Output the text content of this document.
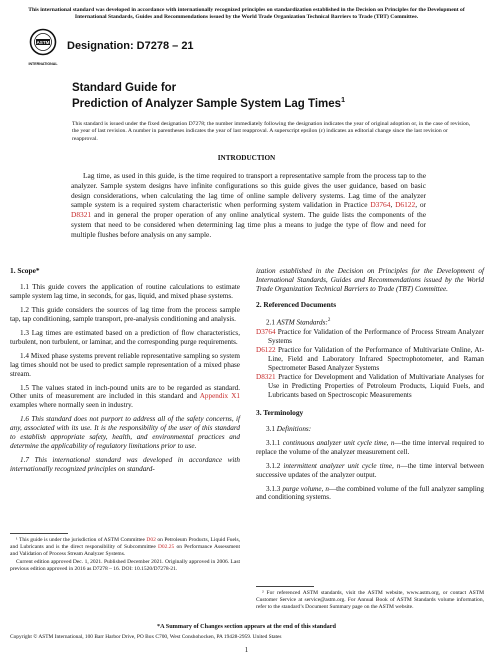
This international standard was developed in accordance with internationally recognized principles on standardization established in the Decision on Principles for the Development of International Standards, Guides and Recommendations issued by the World Trade Organization Technical Barriers to Trade (TBT) Committee.
ASTM
INTERNATIONAL
Designation: D7278 – 21
Standard Guide for
Prediction of Analyzer Sample System Lag Times$^1$
This standard is issued under the fixed designation D7278; the number immediately following the designation indicates the year of original adoption or, in the case of revision, the year of last revision. A number in parentheses indicates the year of last reapproval. A superscript epsilon (ε) indicates an editorial change since the last revision or reapproval.
INTRODUCTION
Lag time, as used in this guide, is the time required to transport a representative sample from the process tap to the analyzer. Sample system designs have infinite configurations so this guide gives the user guidance, based on basic design considerations, when calculating the lag time of online sample delivery systems. Lag time of the analyzer sample system is a required system characteristic when performing system validation in Practice D3764, D6122, or D8321 and in general the proper operation of any online analytical system. The guide lists the components of the system that need to be considered when determining lag time plus a means to judge the type of flow and need for multiple flushes before analysis on any sample.
1. Scope*

1.1 This guide covers the application of routine calculations to estimate sample system lag time, in seconds, for gas, liquid, and mixed phase systems.

1.2 This guide considers the sources of lag time from the process sample tap, tap conditioning, sample transport, pre-analysis conditioning and analysis.

1.3 Lag times are estimated based on a prediction of flow characteristics, turbulent, non turbulent, or laminar, and the corresponding purge requirements.

1.4 Mixed phase systems prevent reliable representative sampling so system lag times should not be used to predict sample representation of a mixed phase stream.

1.5 The values stated in inch-pound units are to be regarded as standard. Other units of measurement are included in this standard and Appendix X1 examples where normally seen in industry.

1.6 This standard does not purport to address all of the safety concerns, if any, associated with its use. It is the responsibility of the user of this standard to establish appropriate safety, health, and environmental practices and determine the applicability of regulatory limitations prior to use.

1.7 This international standard was developed in accordance with internationally recognized principles on standard-

ization established in the Decision on Principles for the Development of International Standards, Guides and Recommendations issued by the World Trade Organization Technical Barriers to Trade (TBT) Committee.

2. Referenced Documents

2.1 ASTM Standards:$^2$

D3764 Practice for Validation of the Performance of Process Stream Analyzer Systems

D6122 Practice for Validation of the Performance of Multivariate Online, At-Line, Field and Laboratory Infrared Spectrophotometer, and Raman Spectrometer Based Analyzer Systems

D8321 Practice for Development and Validation of Multivariate Analyses for Use in Predicting Properties of Petroleum Products, Liquid Fuels, and Lubricants based on Spectroscopic Measurements

3. Terminology

3.1 Definitions:

3.1.1 continuous analyzer unit cycle time, n—the time interval required to replace the volume of the analyzer measurement cell.

3.1.2 intermittent analyzer unit cycle time, n—the time interval between successive updates of the analyzer output.

3.1.3 purge volume, n—the combined volume of the full analyzer sampling and conditioning systems.

¹ This guide is under the jurisdiction of ASTM Committee D02 on Petroleum Products, Liquid Fuels, and Lubricants and is the direct responsibility of Subcommittee D02.25 on Performance Assessment and Validation of Process Stream Analyzer Systems.

Current edition approved Dec. 1, 2021. Published December 2021. Originally approved in 2006. Last previous edition approved in 2016 as D7278 – 16. DOI: 10.1520/D7278-21.

² For referenced ASTM standards, visit the ASTM website, www.astm.org, or contact ASTM Customer Service at service@astm.org. For Annual Book of ASTM Standards volume information, refer to the standard’s Document Summary page on the ASTM website.

*A Summary of Changes section appears at the end of this standard
Copyright © ASTM International, 100 Barr Harbor Drive, PO Box C700, West Conshohocken, PA 19428-2959. United States
1
